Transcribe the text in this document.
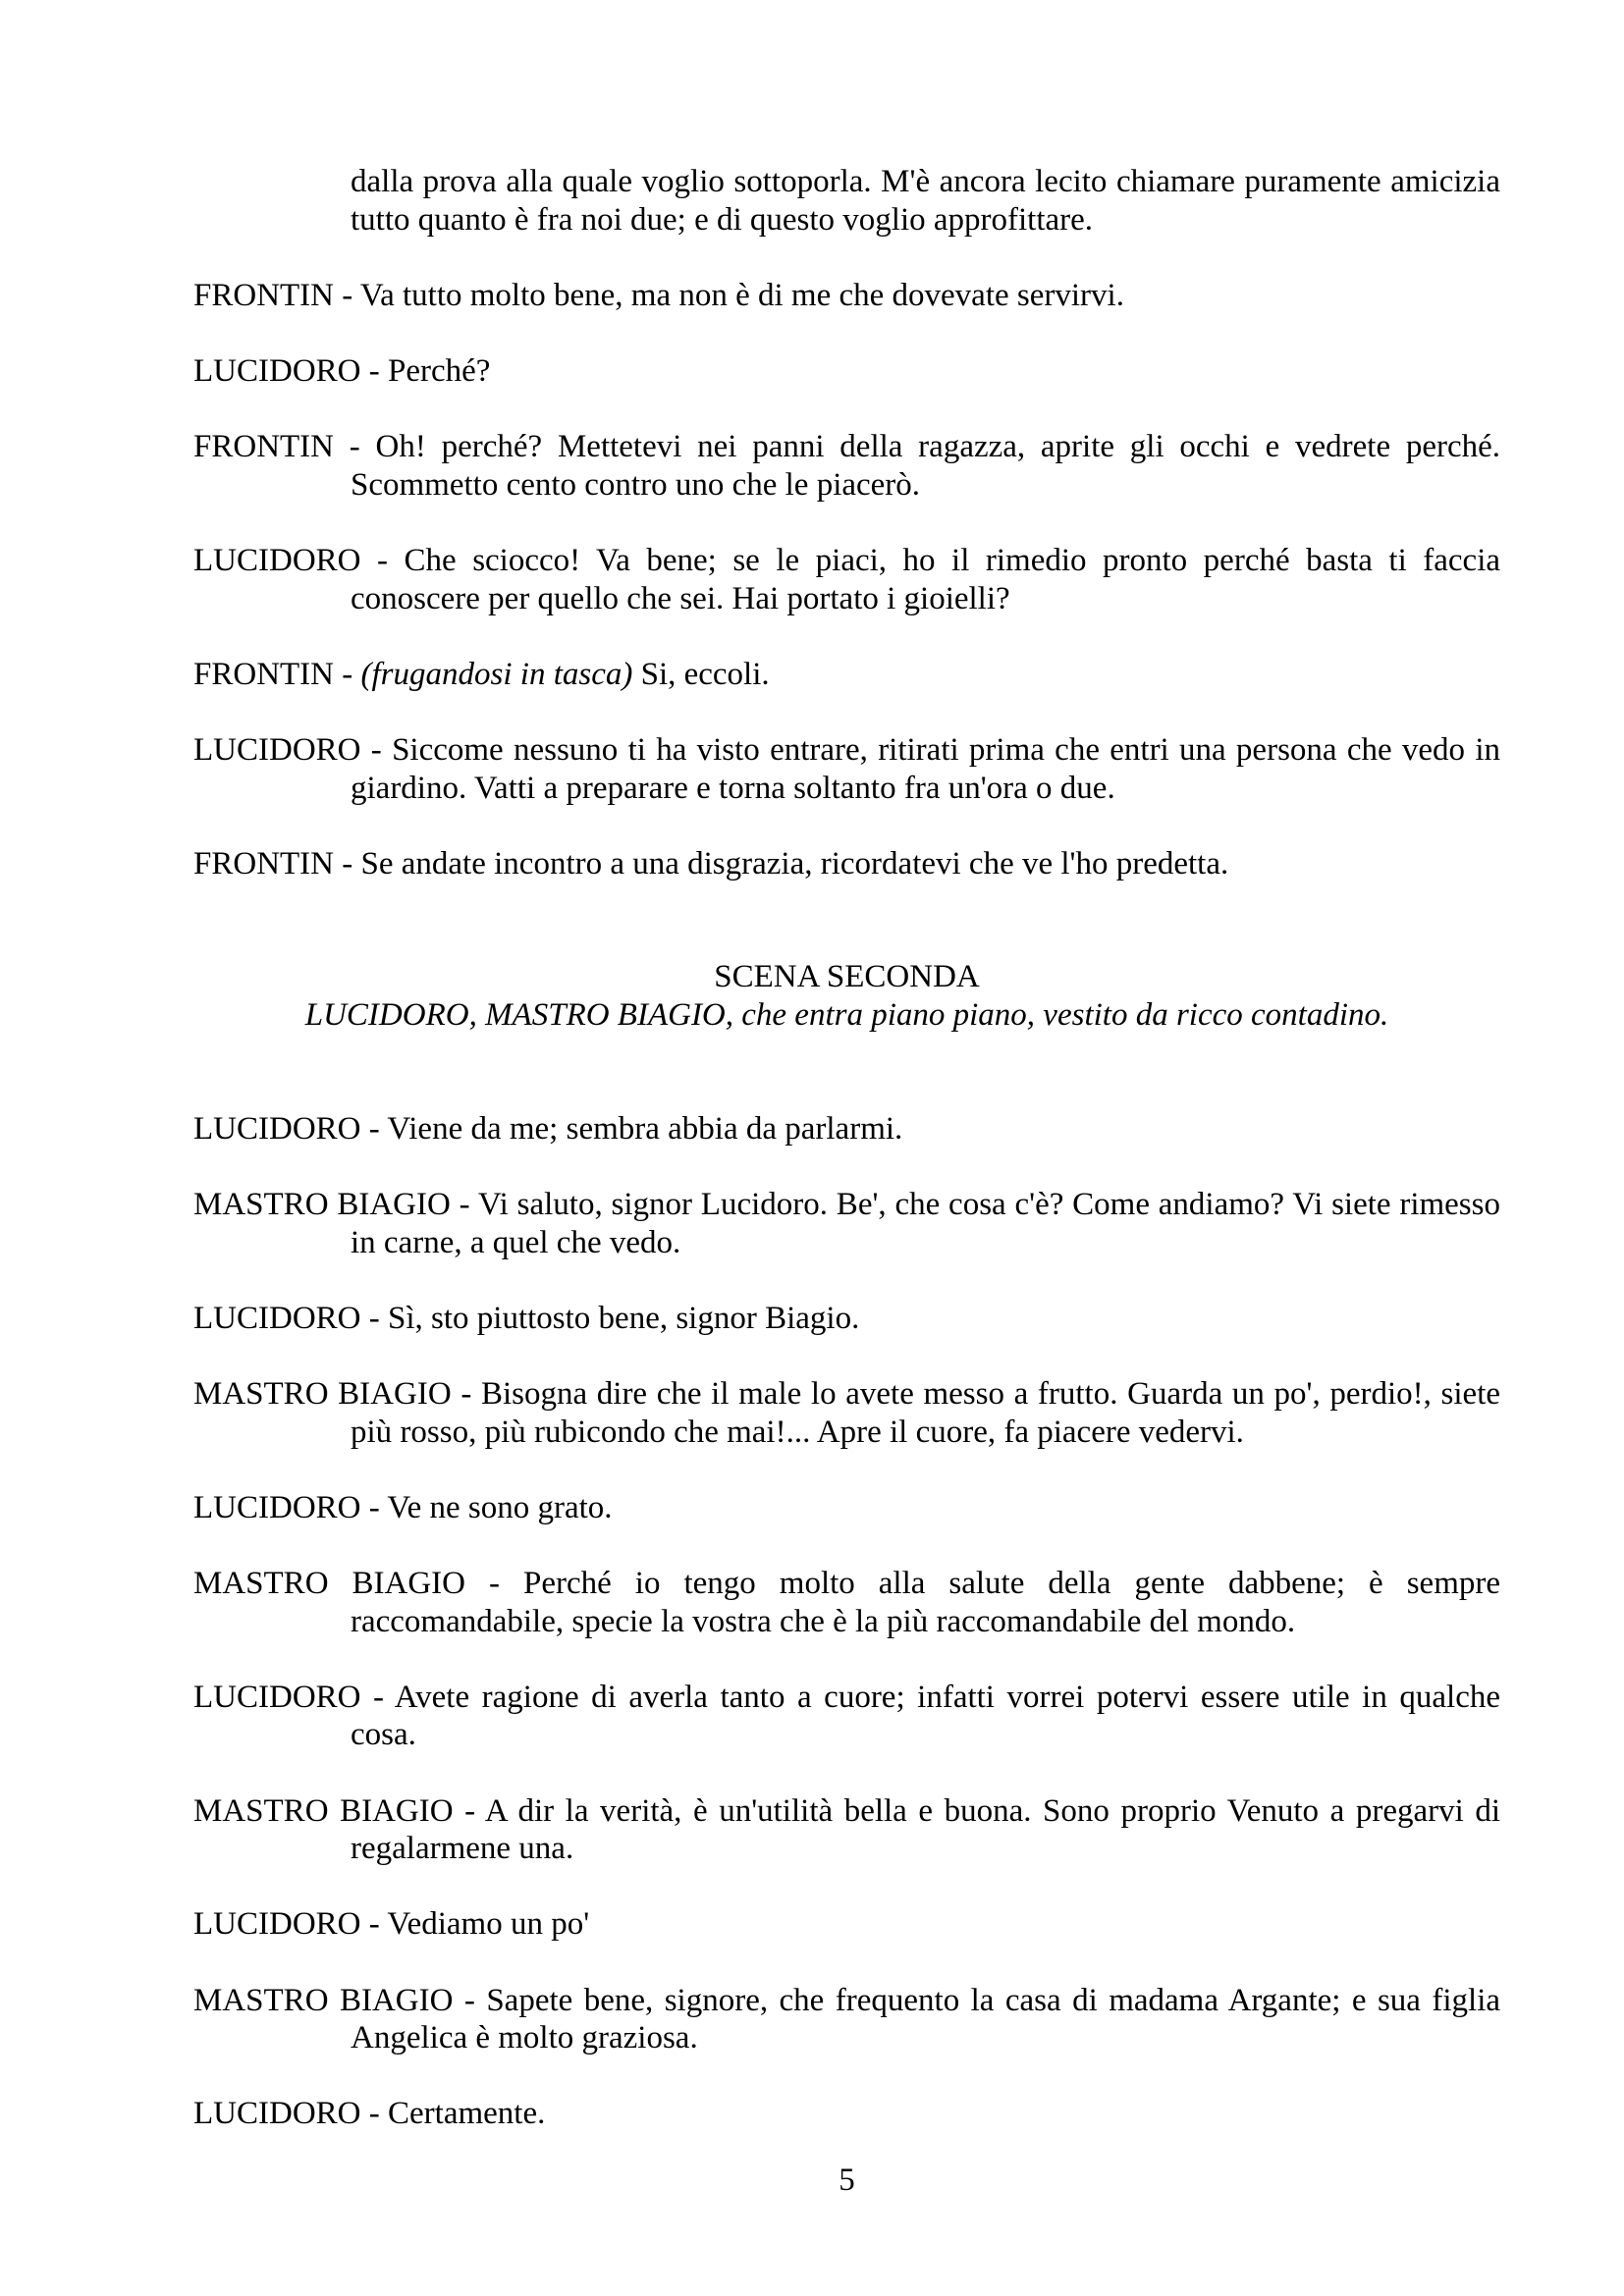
dalla prova alla quale voglio sottoporla. M'è ancora lecito chiamare puramente amicizia tutto quanto è fra noi due; e di questo voglio approfittare.

FRONTIN - Va tutto molto bene, ma non è di me che dovevate servirvi.

LUCIDORO - Perché?

FRONTIN - Oh! perché? Mettetevi nei panni della ragazza, aprite gli occhi e vedrete perché. Scommetto cento contro uno che le piacerò.

LUCIDORO - Che sciocco! Va bene; se le piaci, ho il rimedio pronto perché basta ti faccia conoscere per quello che sei. Hai portato i gioielli?

FRONTIN - (frugandosi in tasca) Si, eccoli.

LUCIDORO - Siccome nessuno ti ha visto entrare, ritirati prima che entri una persona che vedo in giardino. Vatti a preparare e torna soltanto fra un'ora o due.

FRONTIN - Se andate incontro a una disgrazia, ricordatevi che ve l'ho predetta.

SCENA SECONDA

LUCIDORO, MASTRO BIAGIO, che entra piano piano, vestito da ricco contadino.

LUCIDORO - Viene da me; sembra abbia da parlarmi.

MASTRO BIAGIO - Vi saluto, signor Lucidoro. Be', che cosa c'è? Come andiamo? Vi siete rimesso in carne, a quel che vedo.

LUCIDORO - Sì, sto piuttosto bene, signor Biagio.

MASTRO BIAGIO - Bisogna dire che il male lo avete messo a frutto. Guarda un po', perdio!, siete più rosso, più rubicondo che mai!... Apre il cuore, fa piacere vedervi.

LUCIDORO - Ve ne sono grato.

MASTRO BIAGIO - Perché io tengo molto alla salute della gente dabbene; è sempre raccomandabile, specie la vostra che è la più raccomandabile del mondo.

LUCIDORO - Avete ragione di averla tanto a cuore; infatti vorrei potervi essere utile in qualche cosa.

MASTRO BIAGIO - A dir la verità, è un'utilità bella e buona. Sono proprio Venuto a pregarvi di regalarmene una.

LUCIDORO - Vediamo un po'

MASTRO BIAGIO - Sapete bene, signore, che frequento la casa di madama Argante; e sua figlia Angelica è molto graziosa.

LUCIDORO - Certamente.

5
